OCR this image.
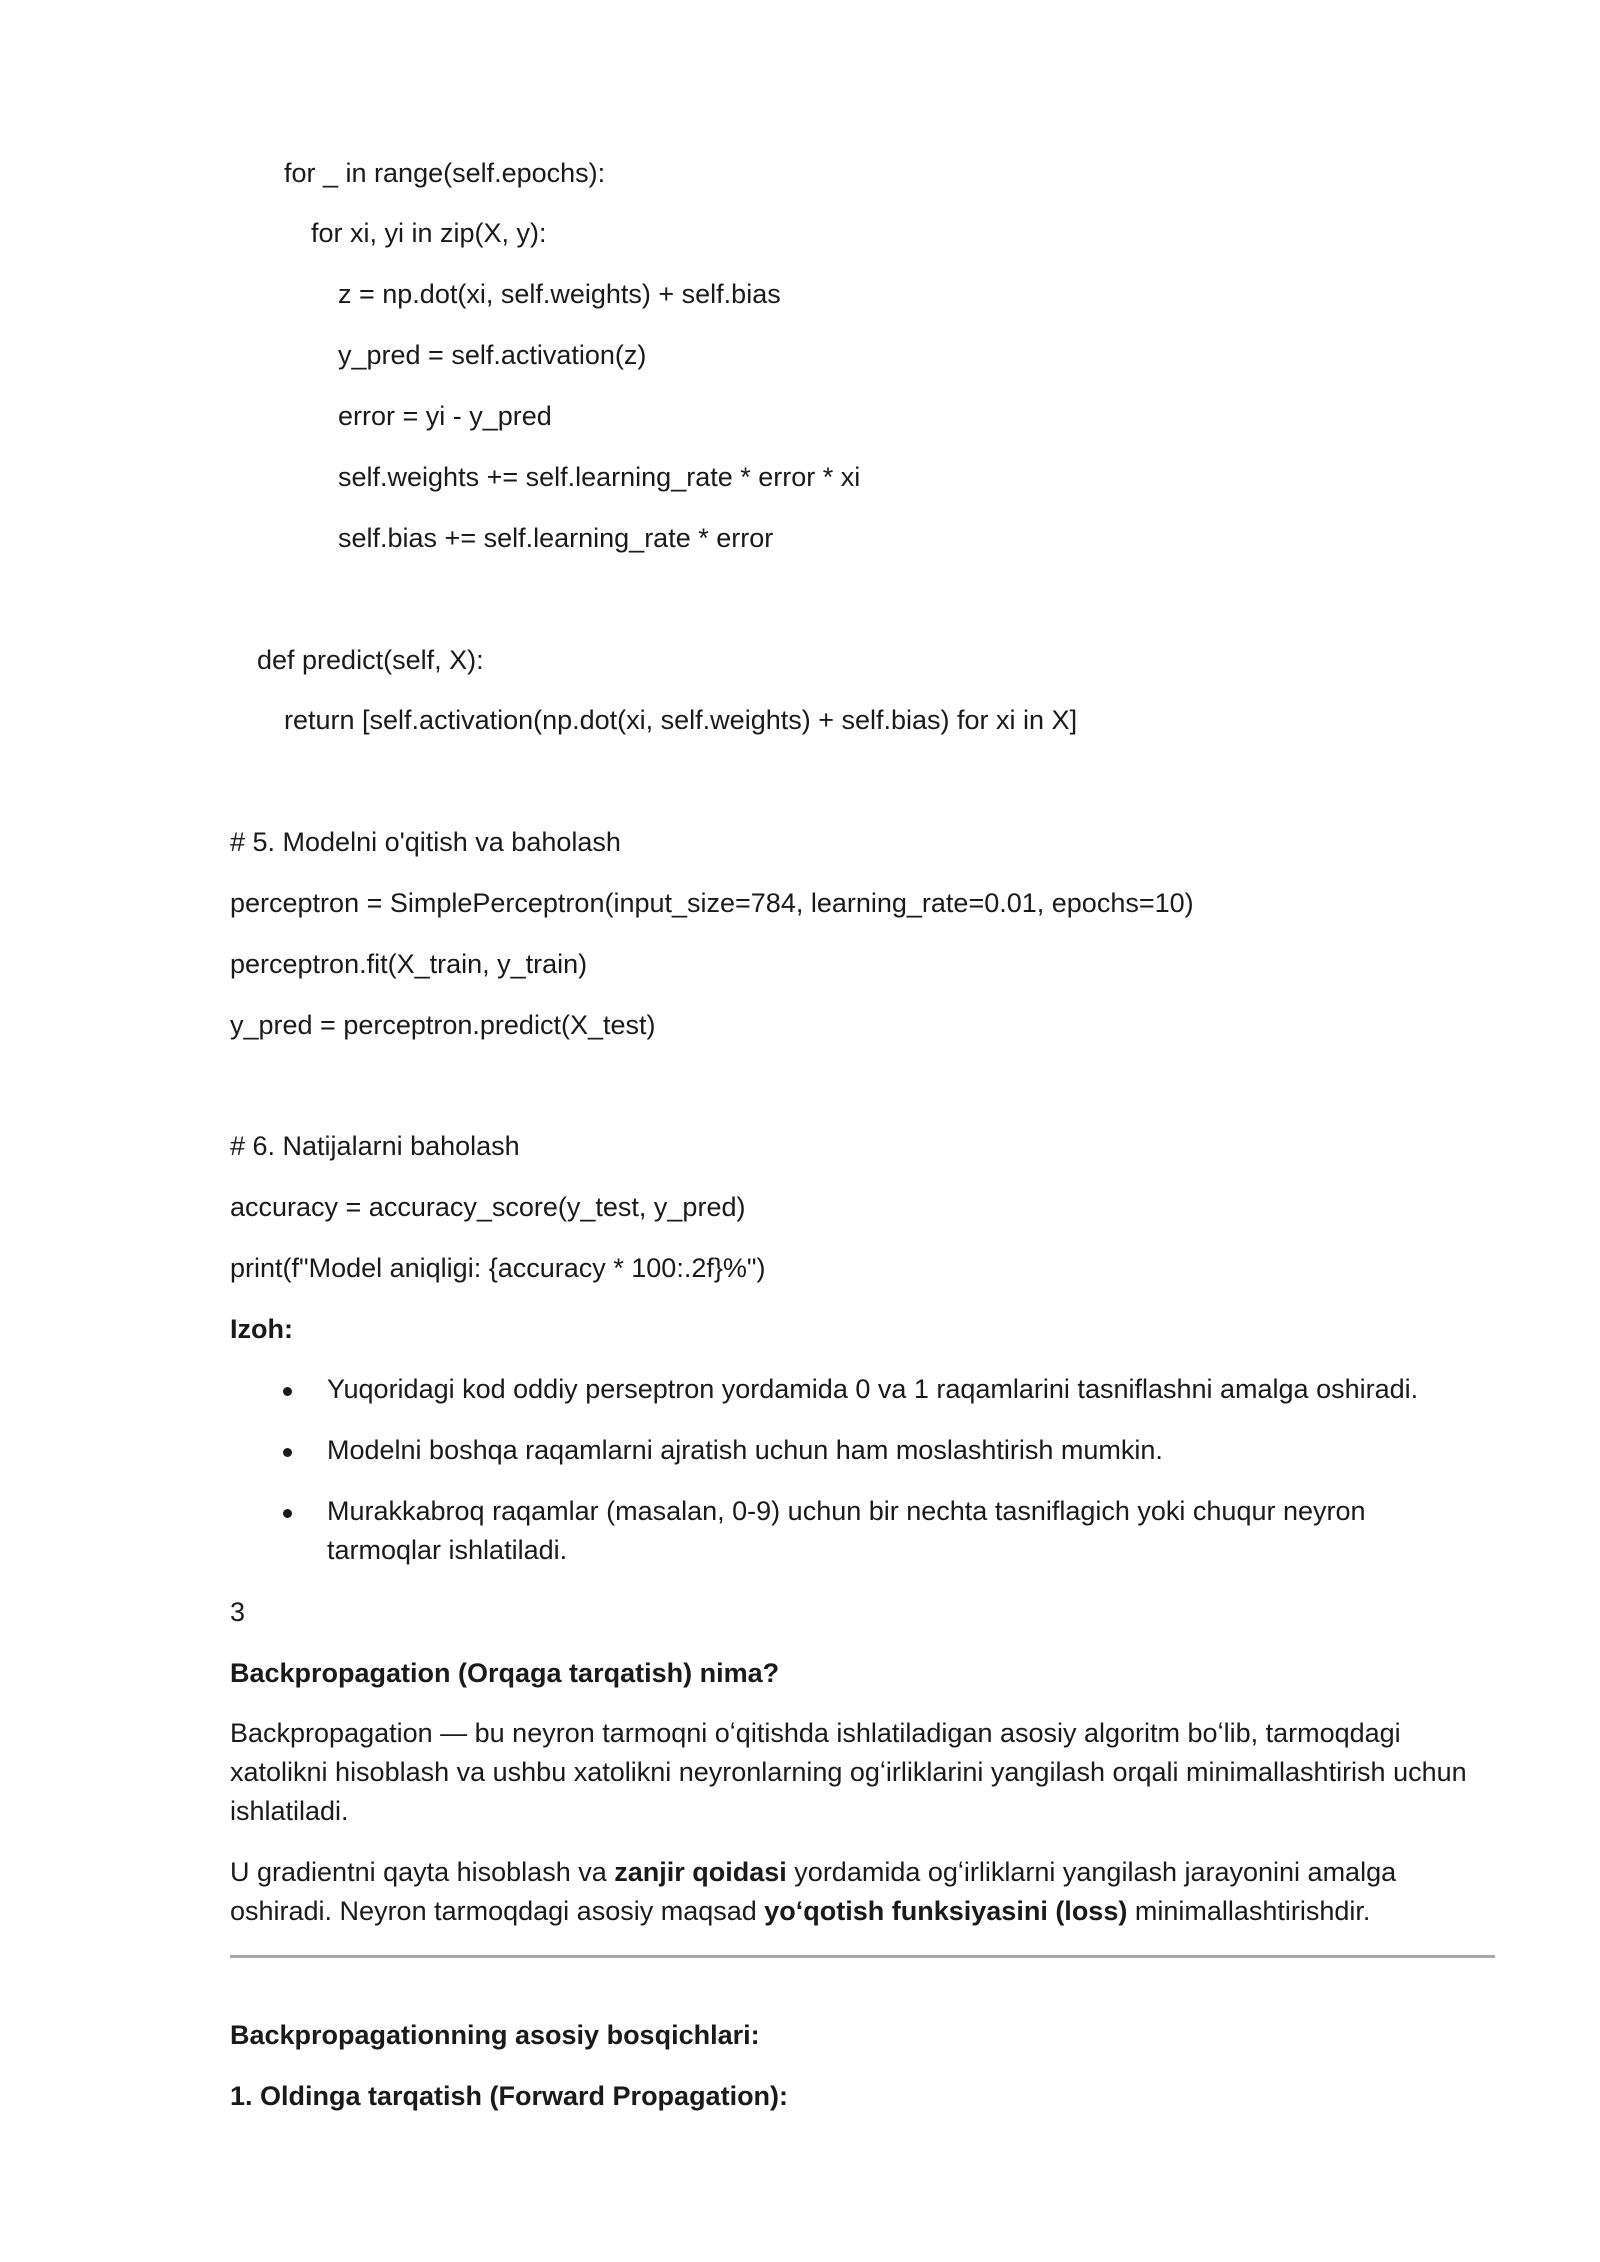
for _ in range(self.epochs):
for xi, yi in zip(X, y):
z = np.dot(xi, self.weights) + self.bias
y_pred = self.activation(z)
error = yi - y_pred
self.weights += self.learning_rate * error * xi
self.bias += self.learning_rate * error
def predict(self, X):
return [self.activation(np.dot(xi, self.weights) + self.bias) for xi in X]
# 5. Modelni o'qitish va baholash
perceptron = SimplePerceptron(input_size=784, learning_rate=0.01, epochs=10)
perceptron.fit(X_train, y_train)
y_pred = perceptron.predict(X_test)
# 6. Natijalarni baholash
accuracy = accuracy_score(y_test, y_pred)
print(f"Model aniqligi: {accuracy * 100:.2f}%")
Izoh:
Yuqoridagi kod oddiy perseptron yordamida 0 va 1 raqamlarini tasniflashni amalga oshiradi.
Modelni boshqa raqamlarni ajratish uchun ham moslashtirish mumkin.
Murakkabroq raqamlar (masalan, 0-9) uchun bir nechta tasniflagich yoki chuqur neyron tarmoqlar ishlatiladi.
3
Backpropagation (Orqaga tarqatish) nima?
Backpropagation — bu neyron tarmoqni oʻqitishda ishlatiladigan asosiy algoritm boʻlib, tarmoqdagi xatolikni hisoblash va ushbu xatolikni neyronlarning ogʻirliklarini yangilash orqali minimallashtirish uchun ishlatiladi.
U gradientni qayta hisoblash va zanjir qoidasi yordamida ogʻirliklarni yangilash jarayonini amalga oshiradi. Neyron tarmoqdagi asosiy maqsad yoʻqotish funksiyasini (loss) minimallashtirishdir.
Backpropagationning asosiy bosqichlari:
1. Oldinga tarqatish (Forward Propagation):
